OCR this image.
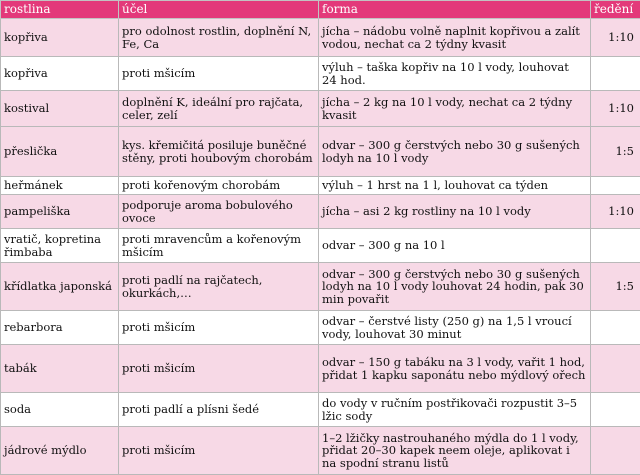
rostlina	účel	forma	ředění
kopřiva	pro odolnost rostlin, doplnění N, Fe, Ca	jícha – nádobu volně naplnit kopřivou a zalít vodou, nechat ca 2 týdny kvasit	1:10
kopřiva	proti mšicím	výluh – taška kopřiv na 10 l vody, louhovat 24 hod.	
kostival	doplnění K, ideální pro rajčata, celer, zelí	jícha – 2 kg na 10 l vody, nechat ca 2 týdny kvasit	1:10
přeslička	kys. křemičitá posiluje buněčné stěny, proti houbovým chorobám	odvar – 300 g čerstvých nebo 30 g sušených lodyh na 10 l vody	1:5
heřmánek	proti kořenovým chorobám	výluh – 1 hrst na 1 l, louhovat ca týden	
pampeliška	podporuje aroma bobulového ovoce	jícha – asi 2 kg rostliny na 10 l vody	1:10
vratič, kopretina řimbaba	proti mravencům a kořenovým mšicím	odvar – 300 g na 10 l	
křídlatka japonská	proti padlí na rajčatech, okurkách,…	odvar – 300 g čerstvých nebo 30 g sušených lodyh na 10 l vody louhovat 24 hodin, pak 30 min povařit	1:5
rebarbora	proti mšicím	odvar – čerstvé listy (250 g) na 1,5 l vroucí vody, louhovat 30 minut	
tabák	proti mšicím	odvar – 150 g tabáku na 3 l vody, vařit 1 hod, přidat 1 kapku saponátu nebo mýdlový ořech	
soda	proti padlí a plísni šedé	do vody v ručním postřikovači rozpustit 3–5 lžic sody	
jádrové mýdlo	proti mšicím	1–2 lžičky nastrouhaného mýdla do 1 l vody, přidat 20–30 kapek neem oleje, aplikovat i na spodní stranu listů	
